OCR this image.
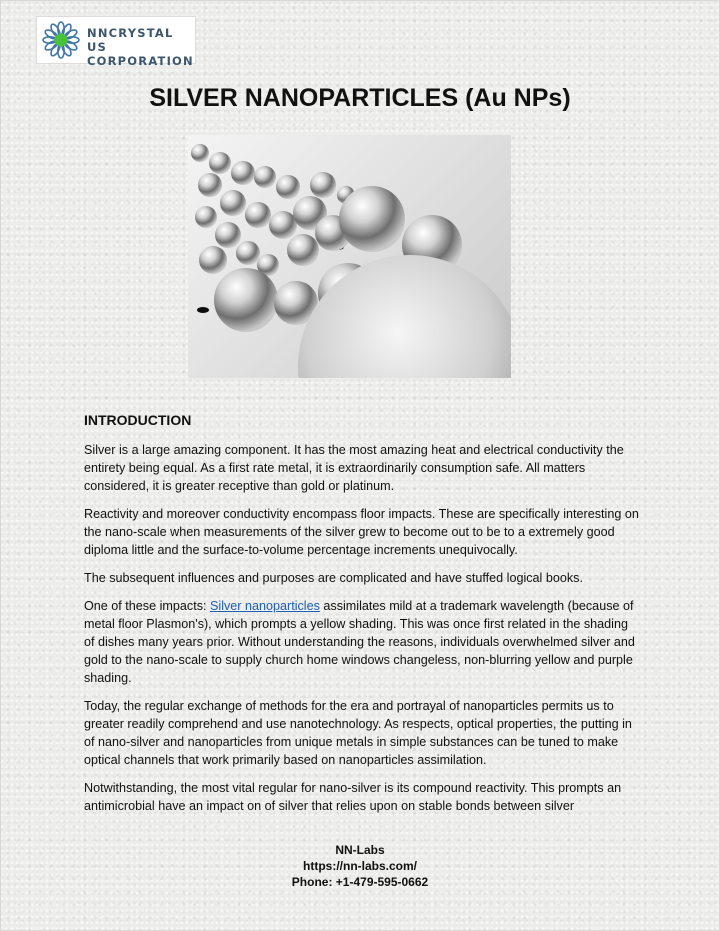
NNCRYSTAL US
CORPORATION
SILVER NANOPARTICLES (Au NPs)
INTRODUCTION

Silver is a large amazing component. It has the most amazing heat and electrical conductivity the entirety being equal. As a first rate metal, it is extraordinarily consumption safe. All matters considered, it is greater receptive than gold or platinum.

Reactivity and moreover conductivity encompass floor impacts. These are specifically interesting on the nano-scale when measurements of the silver grew to become out to be to a extremely good diploma little and the surface-to-volume percentage increments unequivocally.

The subsequent influences and purposes are complicated and have stuffed logical books.

One of these impacts: Silver nanoparticles assimilates mild at a trademark wavelength (because of metal floor Plasmon's), which prompts a yellow shading. This was once first related in the shading of dishes many years prior. Without understanding the reasons, individuals overwhelmed silver and gold to the nano-scale to supply church home windows changeless, non-blurring yellow and purple shading.

Today, the regular exchange of methods for the era and portrayal of nanoparticles permits us to greater readily comprehend and use nanotechnology. As respects, optical properties, the putting in of nano-silver and nanoparticles from unique metals in simple substances can be tuned to make optical channels that work primarily based on nanoparticles assimilation.

Notwithstanding, the most vital regular for nano-silver is its compound reactivity. This prompts an antimicrobial have an impact on of silver that relies upon on stable bonds between silver

NN-Labs
https://nn-labs.com/
Phone: +1-479-595-0662
